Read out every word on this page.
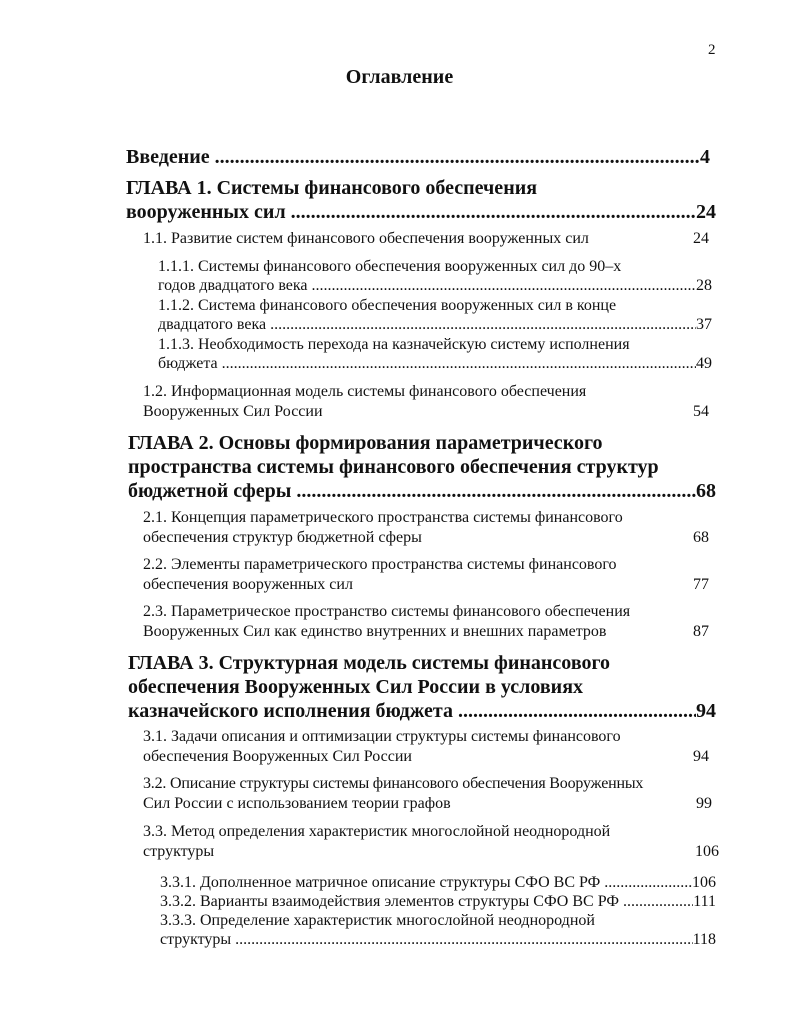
2
Оглавление
Введение .....	4
ГЛАВА 1. Системы финансового обеспечения
вооруженных сил .....	24
1.1. Развитие систем финансового обеспечения вооруженных сил	24
1.1.1. Системы финансового обеспечения вооруженных сил до 90–х
годов двадцатого века .....	28
1.1.2. Система финансового обеспечения вооруженных сил в конце
двадцатого века .....	37
1.1.3. Необходимость перехода на казначейскую систему исполнения
бюджета .....	49
1.2. Информационная модель системы финансового обеспечения
Вооруженных Сил России	54
ГЛАВА 2. Основы формирования параметрического
пространства системы финансового обеспечения структур
бюджетной сферы .....	68
2.1. Концепция параметрического пространства системы финансового
обеспечения структур бюджетной сферы	68
2.2. Элементы параметрического пространства системы финансового
обеспечения вооруженных сил	77
2.3. Параметрическое пространство системы финансового обеспечения
Вооруженных Сил как единство внутренних и внешних параметров	87
ГЛАВА 3. Структурная модель системы финансового
обеспечения Вооруженных Сил России в условиях
казначейского исполнения бюджета .....	94
3.1. Задачи описания и оптимизации структуры системы финансового
обеспечения Вооруженных Сил России	94
3.2. Описание структуры системы финансового обеспечения Вооруженных
Сил России с использованием теории графов	99
3.3. Метод определения характеристик многослойной неоднородной
структуры	106
3.3.1. Дополненное матричное описание структуры СФО ВС РФ .....	106
3.3.2. Варианты взаимодействия элементов структуры СФО ВС РФ .....	111
3.3.3. Определение характеристик многослойной неоднородной
структуры .....	118
